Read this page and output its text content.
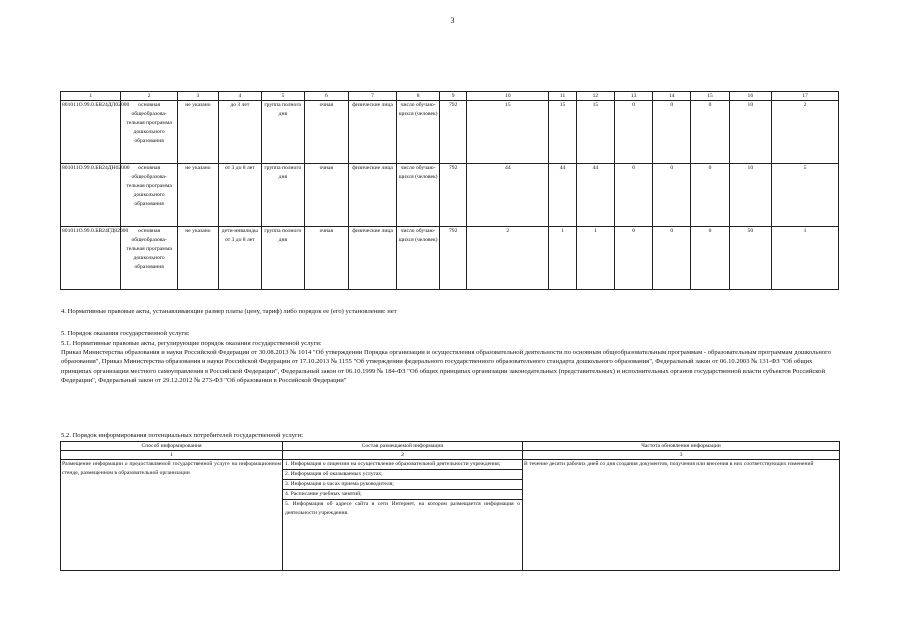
3
1	2	3	4	5	6	7	8	9	10	11	12	13	14	15	16	17
801011О.99.0.БВ24ДЛ02000	основная общеобразова-тельная программа дошкольного образования	не указано	до 3 лет	группа полного дня	очная	физические лица	число обучаю-щихся (человек)	792	15	15	15	0	0	0	10	2
801011О.99.0.БВ24ДН02000	основная общеобразова-тельная программа дошкольного образования	не указано	от 3 до 8 лет	группа полного дня	очная	физические лица	число обучаю-щихся (человек)	792	44	44	44	0	0	0	10	5
801011О.99.0.БВ24ГД82000	основная общеобразова-тельная программа дошкольного образования	не указано	дети-инвалиды от 3 до 8 лет	группа полного дня	очная	физические лица	число обучаю-щихся (человек)	792	2	1	1	0	0	0	50	1
4. Нормативные правовые акты, устанавливающие размер платы (цену, тариф) либо порядок ее (его) установления: нет
5. Порядок оказания государственной услуги:
5.1. Нормативные правовые акты, регулирующие порядок оказания государственной услуги:
Приказ Министерства образования и науки Российской Федерации от 30.08.2013 № 1014 "Об утверждении Порядка организации и осуществления образовательной деятельности по основным общеобразовательным программам - образовательным программам дошкольного образования", Приказ Министерства образования и науки Российской Федерации от 17.10.2013 № 1155 "Об утверждении федерального государственного образовательного стандарта дошкольного образования", Федеральный закон от 06.10.2003 № 131-ФЗ "Об общих принципах организации местного самоуправления в Российской Федерации", Федеральный закон от 06.10.1999 № 184-ФЗ "Об общих принципах организации законодательных (представительных) и исполнительных органов государственной власти субъектов Российской Федерации", Федеральный закон от 29.12.2012 № 273-ФЗ "Об образовании в Российской Федерации"
5.2. Порядок информирования потенциальных потребителей государственной услуги:
Способ информирования	Состав размещаемой информации	Частота обновления информации
1	2	3
Размещение информации о предоставляемой государственной услуге на информационном стенде, размещенном в образовательной организации	1. Информация о лицензии на осуществление образовательной деятельности учреждения;
2. Информация об оказываемых услугах;
3. Информация о часах приема руководителя;
4. Расписание учебных занятий;
5. Информация об адресе сайта в сети Интернет, на котором размещается информация о деятельности учреждения.	В течение десяти рабочих дней со дня создания документов, получения или внесения в них соответствующих изменений
